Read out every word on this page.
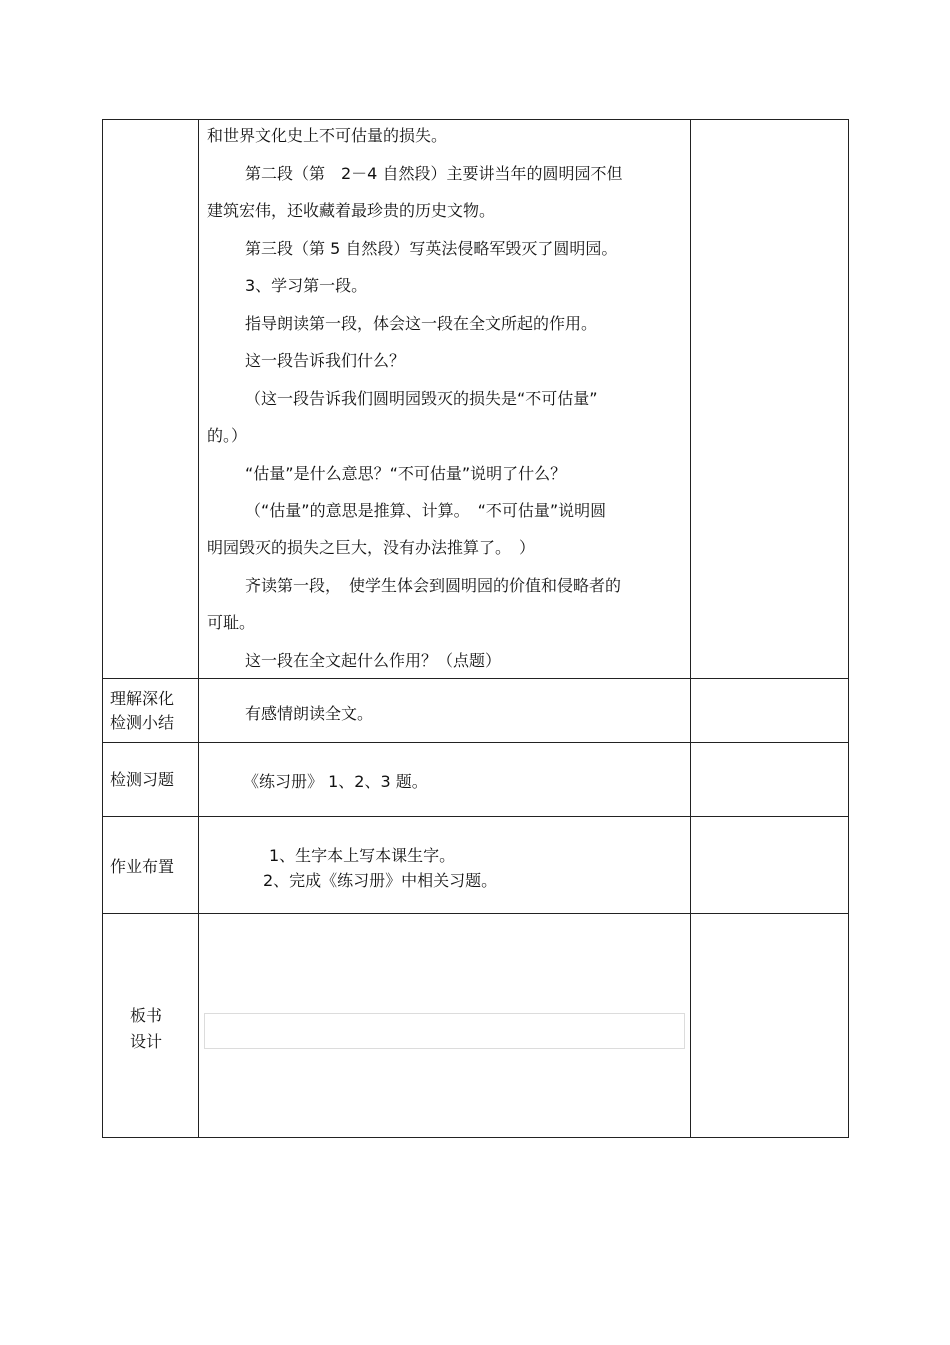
和世界文化史上不可估量的损失。
第二段（第　2－4 自然段）主要讲当年的圆明园不但
建筑宏伟，还收藏着最珍贵的历史文物。
第三段（第 5 自然段）写英法侵略军毁灭了圆明园。
3、学习第一段。
指导朗读第一段，体会这一段在全文所起的作用。
这一段告诉我们什么？
（这一段告诉我们圆明园毁灭的损失是“不可估量”
的。）
“估量”是什么意思？“不可估量”说明了什么？
（“估量”的意思是推算、计算。　“不可估量”说明圆
明园毁灭的损失之巨大，没有办法推算了。　）
齐读第一段，　使学生体会到圆明园的价值和侵略者的
可耻。
这一段在全文起什么作用？（点题）
理解深化
检测小结	有感情朗读全文。
检测习题	《练习册》 1、2、3 题。
作业布置
1、生字本上写本课生字。
2、完成《练习册》中相关习题。
板书
设计
